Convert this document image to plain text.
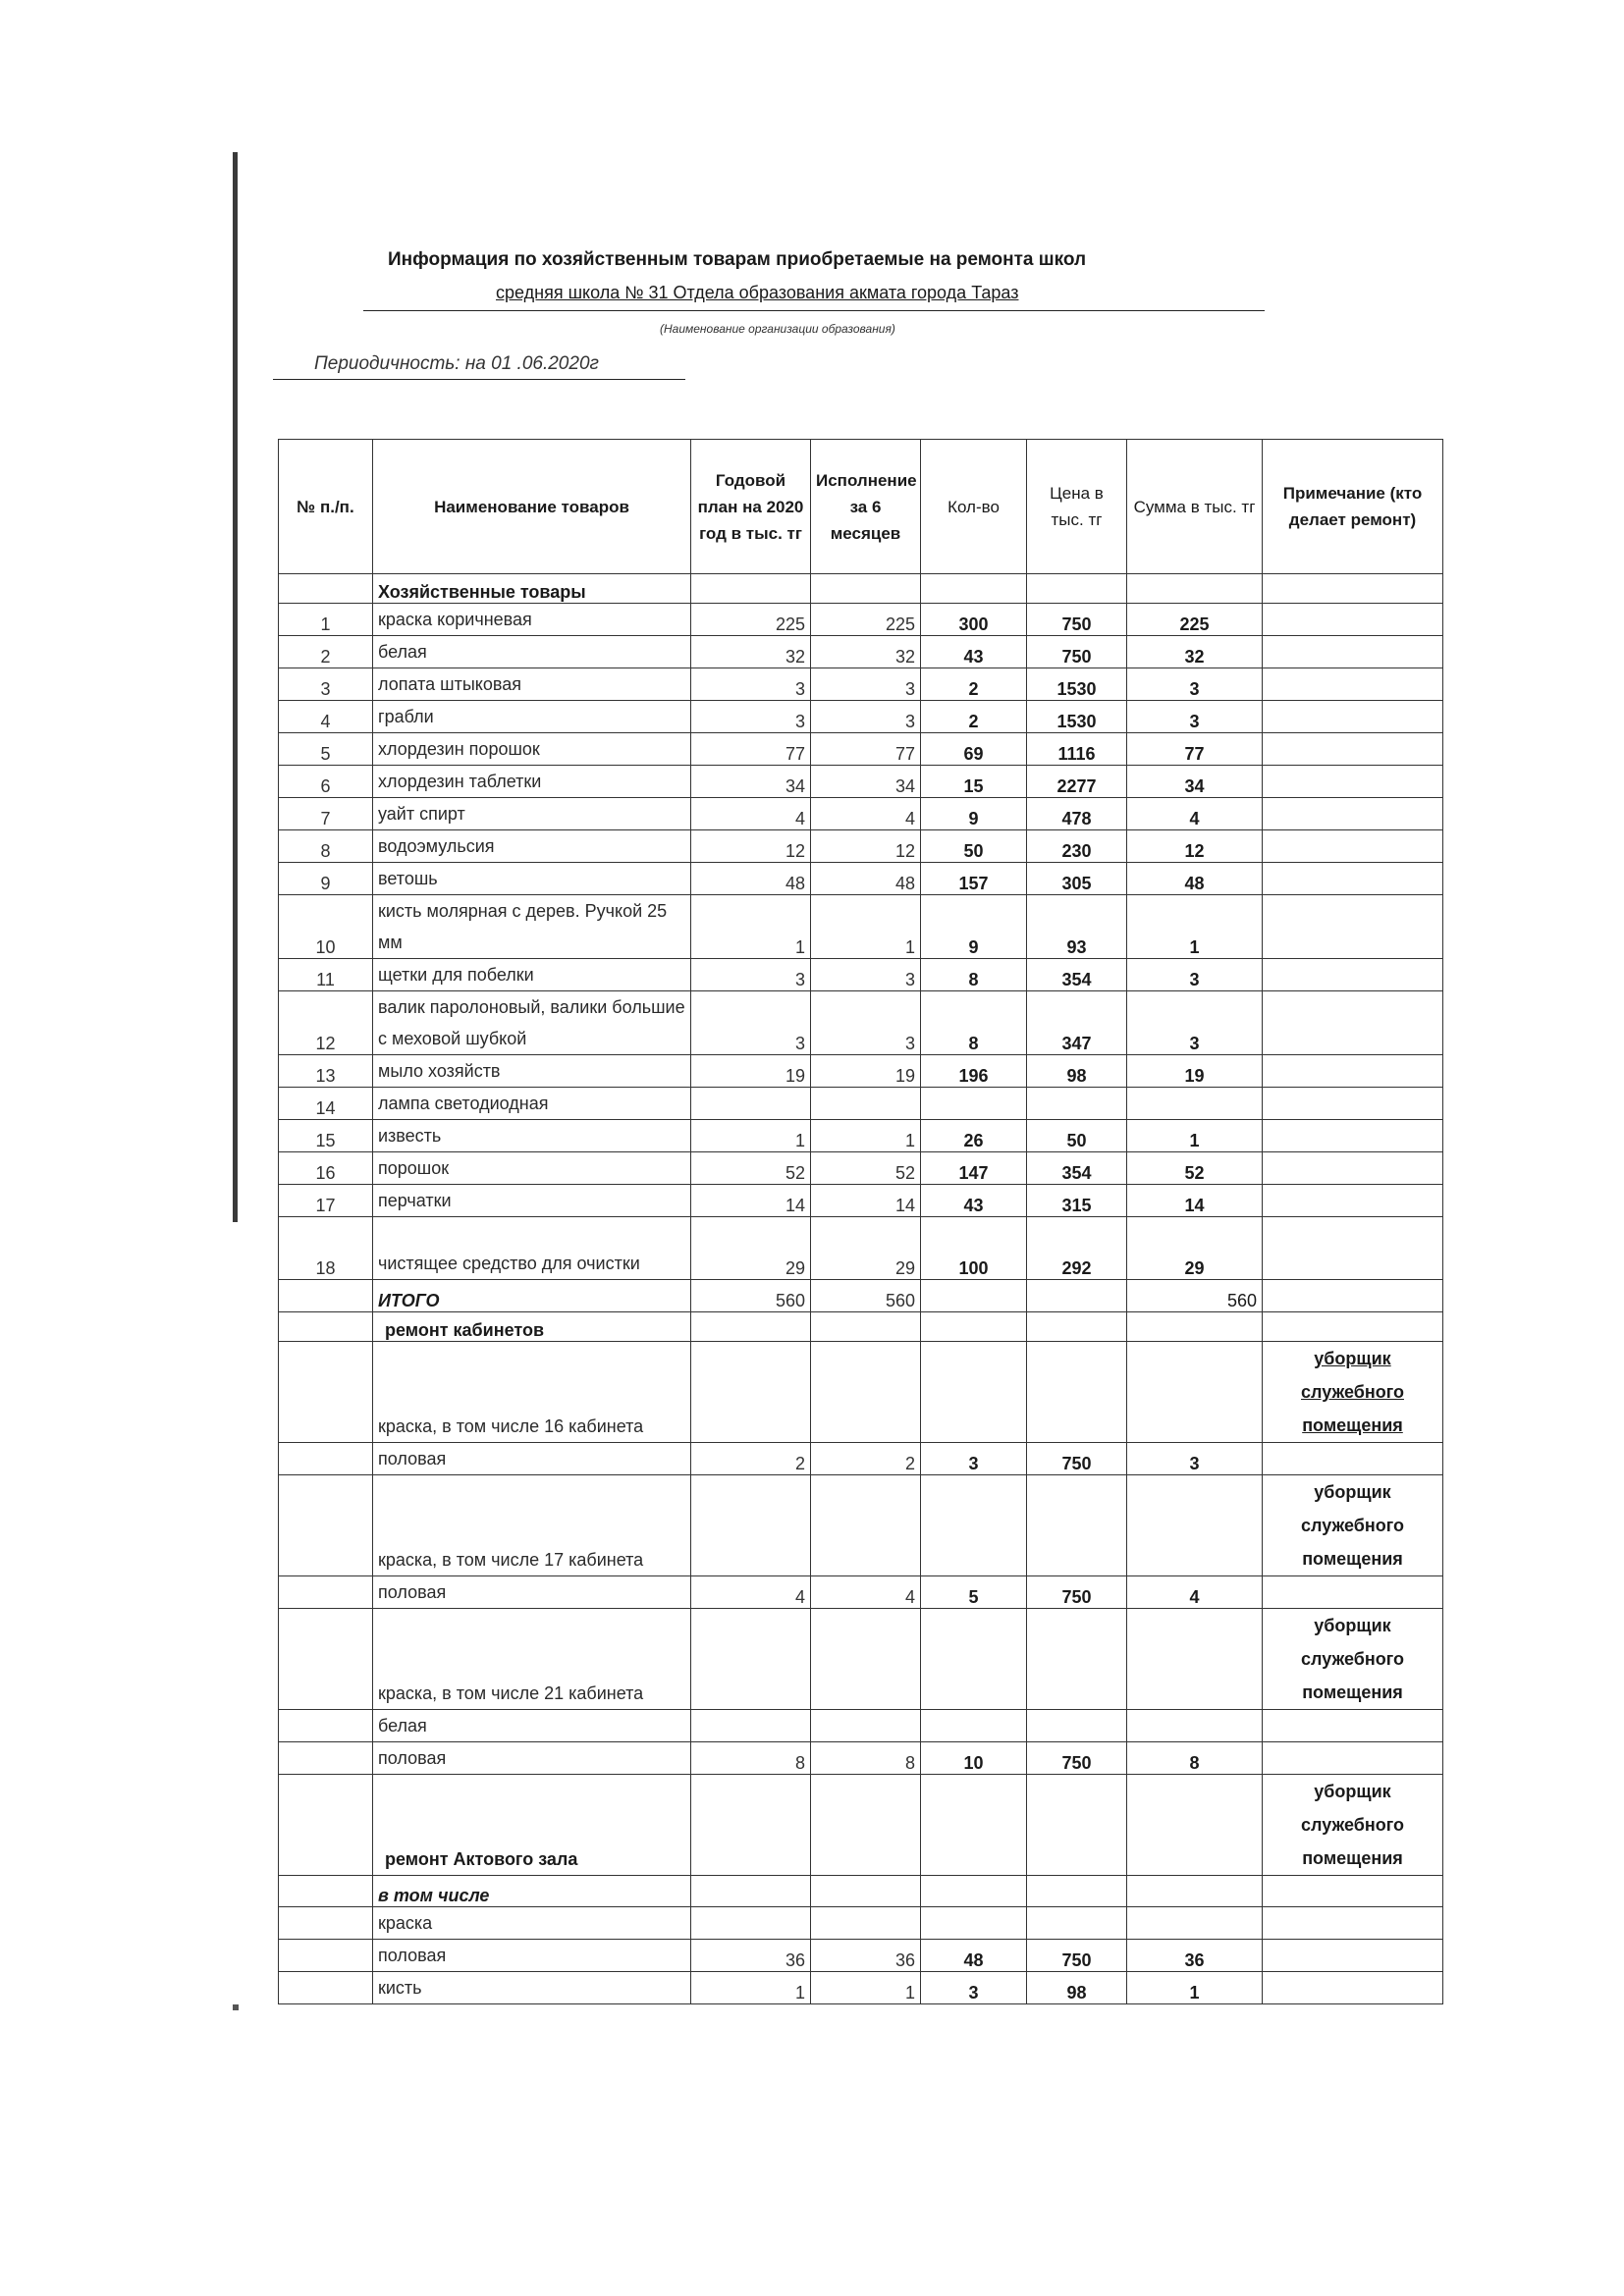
Информация по хозяйственным товарам приобретаемые на ремонта школ
средняя школа № 31 Отдела образования акмата города Тараз
(Наименование организации образования)
Периодичность: на 01 .06.2020г
№ п./п.	Наименование товаров	Годовой план на 2020 год в тыс. тг	Исполнение за 6 месяцев	Кол-во	Цена в тыс. тг	Сумма в тыс. тг	Примечание (кто делает ремонт)
	Хозяйственные товары						
1	краска коричневая	225	225	300	750	225	
2	белая	32	32	43	750	32	
3	лопата штыковая	3	3	2	1530	3	
4	грабли	3	3	2	1530	3	
5	хлордезин порошок	77	77	69	1116	77	
6	хлордезин таблетки	34	34	15	2277	34	
7	уайт спирт	4	4	9	478	4	
8	водоэмульсия	12	12	50	230	12	
9	ветошь	48	48	157	305	48	
10	кисть молярная с дерев. Ручкой 25 мм	1	1	9	93	1	
11	щетки для побелки	3	3	8	354	3	
12	валик паролоновый, валики большие с меховой шубкой	3	3	8	347	3	
13	мыло хозяйств	19	19	196	98	19	
14	лампа светодиодная						
15	известь	1	1	26	50	1	
16	порошок	52	52	147	354	52	
17	перчатки	14	14	43	315	14	
18	чистящее средство для очистки	29	29	100	292	29	
	ИТОГО	560	560			560	
	ремонт кабинетов						
	краска, в том числе 16 кабинета						уборщик служебного помещения
	половая	2	2	3	750	3	
	краска, в том числе 17 кабинета						уборщик служебного помещения
	половая	4	4	5	750	4	
	краска, в том числе 21 кабинета						уборщик служебного помещения
	белая						
	половая	8	8	10	750	8	
	ремонт Актового зала						уборщик служебного помещения
	в том числе						
	краска						
	половая	36	36	48	750	36	
	кисть	1	1	3	98	1	
